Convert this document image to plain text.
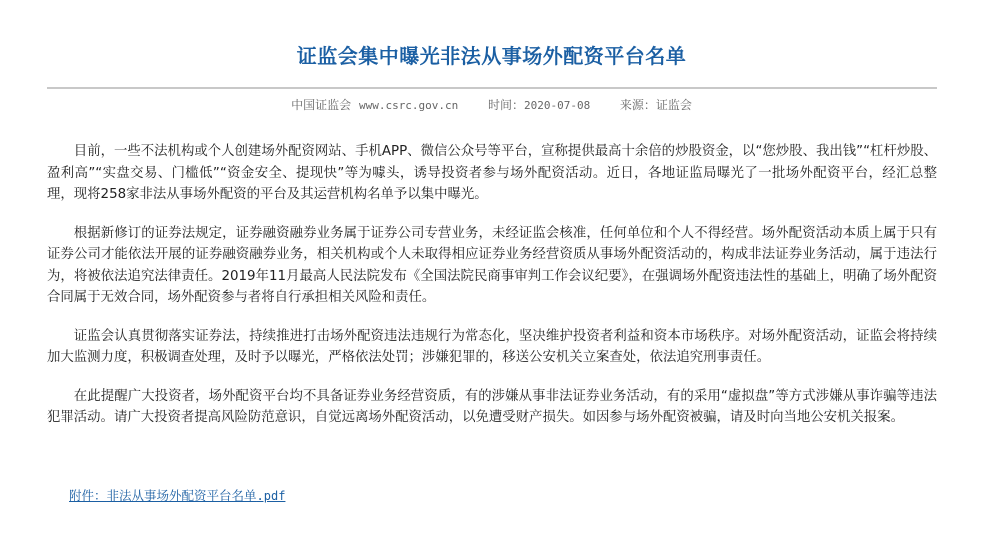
证监会集中曝光非法从事场外配资平台名单
中国证监会 www.csrc.gov.cn 时间：2020-07-08 来源：证监会

目前，一些不法机构或个人创建场外配资网站、手机APP、微信公众号等平台，宣称提供最高十余倍的炒股资金，以“您炒股、我出钱”“杠杆炒股、盈利高”“实盘交易、门槛低”“资金安全、提现快”等为噱头，诱导投资者参与场外配资活动。近日，各地证监局曝光了一批场外配资平台，经汇总整理，现将258家非法从事场外配资的平台及其运营机构名单予以集中曝光。

根据新修订的证券法规定，证券融资融券业务属于证券公司专营业务，未经证监会核准，任何单位和个人不得经营。场外配资活动本质上属于只有证券公司才能依法开展的证券融资融券业务，相关机构或个人未取得相应证券业务经营资质从事场外配资活动的，构成非法证券业务活动，属于违法行为，将被依法追究法律责任。2019年11月最高人民法院发布《全国法院民商事审判工作会议纪要》，在强调场外配资违法性的基础上，明确了场外配资合同属于无效合同，场外配资参与者将自行承担相关风险和责任。

证监会认真贯彻落实证券法，持续推进打击场外配资违法违规行为常态化，坚决维护投资者利益和资本市场秩序。对场外配资活动，证监会将持续加大监测力度，积极调查处理，及时予以曝光，严格依法处罚；涉嫌犯罪的，移送公安机关立案查处，依法追究刑事责任。

在此提醒广大投资者，场外配资平台均不具备证券业务经营资质，有的涉嫌从事非法证券业务活动，有的采用“虚拟盘”等方式涉嫌从事诈骗等违法犯罪活动。请广大投资者提高风险防范意识，自觉远离场外配资活动，以免遭受财产损失。如因参与场外配资被骗，请及时向当地公安机关报案。

附件：非法从事场外配资平台名单.pdf
